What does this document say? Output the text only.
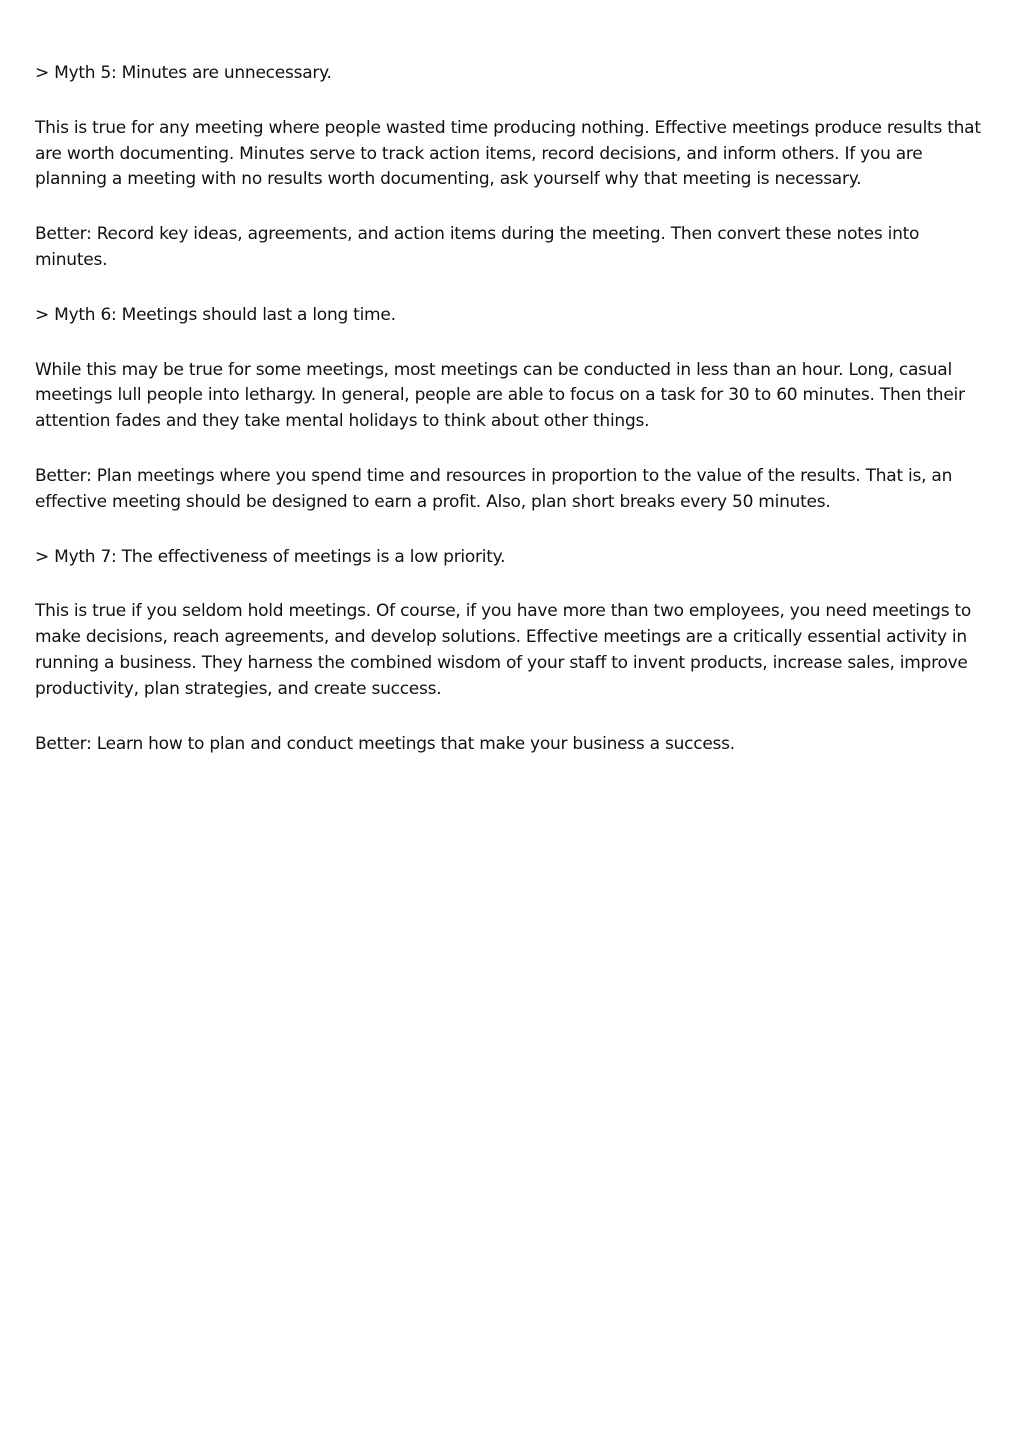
> Myth 5: Minutes are unnecessary.

This is true for any meeting where people wasted time producing nothing. Effective meetings produce results that are worth documenting. Minutes serve to track action items, record decisions, and inform others. If you are planning a meeting with no results worth documenting, ask yourself why that meeting is necessary.

Better: Record key ideas, agreements, and action items during the meeting. Then convert these notes into minutes.

> Myth 6: Meetings should last a long time.

While this may be true for some meetings, most meetings can be conducted in less than an hour. Long, casual meetings lull people into lethargy. In general, people are able to focus on a task for 30 to 60 minutes. Then their attention fades and they take mental holidays to think about other things.

Better: Plan meetings where you spend time and resources in proportion to the value of the results. That is, an effective meeting should be designed to earn a profit. Also, plan short breaks every 50 minutes.

> Myth 7: The effectiveness of meetings is a low priority.

This is true if you seldom hold meetings. Of course, if you have more than two employees, you need meetings to make decisions, reach agreements, and develop solutions. Effective meetings are a critically essential activity in running a business. They harness the combined wisdom of your staff to invent products, increase sales, improve productivity, plan strategies, and create success.

Better: Learn how to plan and conduct meetings that make your business a success.
